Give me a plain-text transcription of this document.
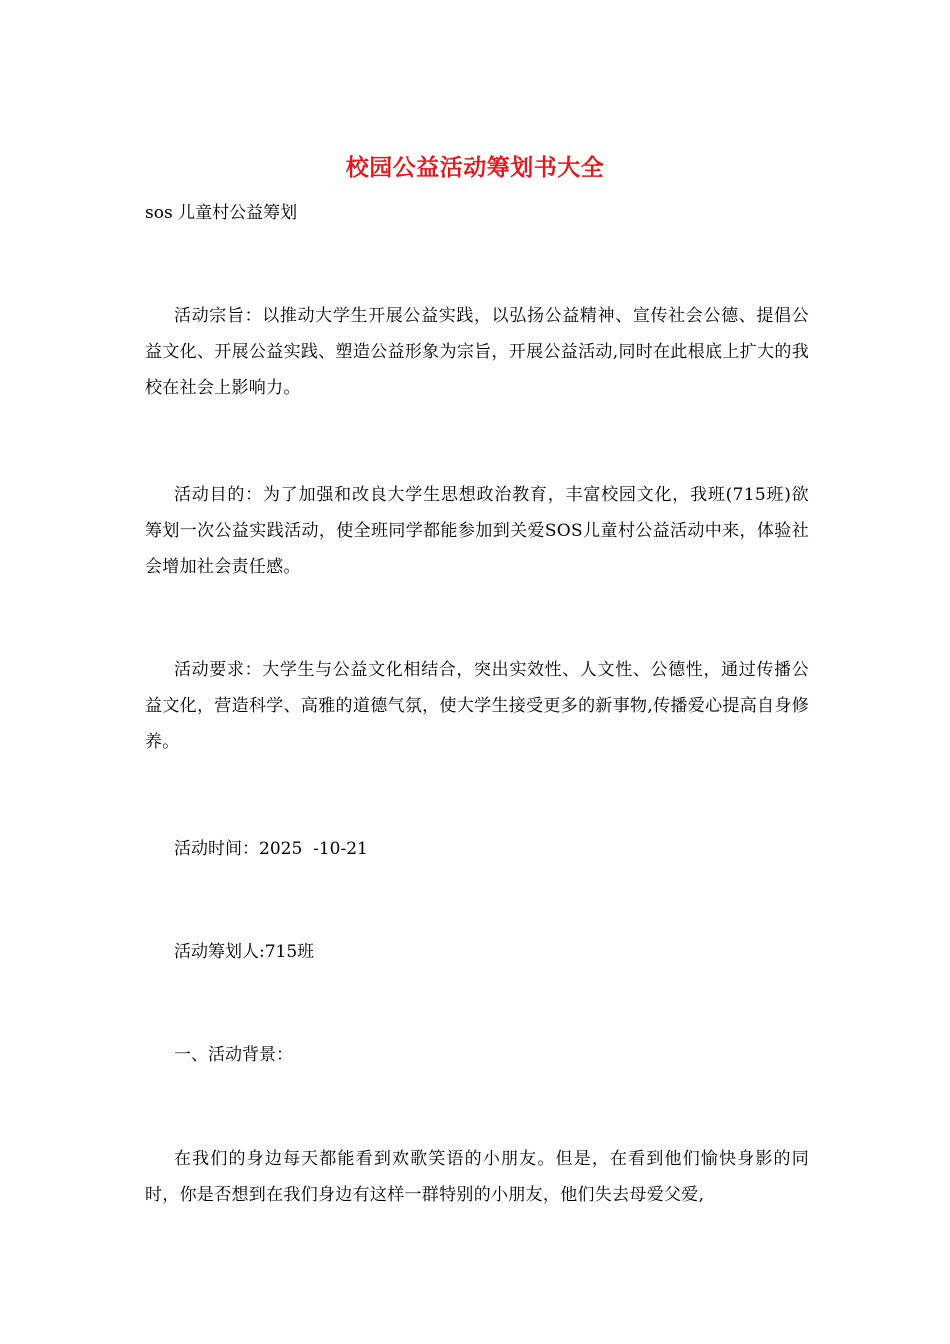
校园公益活动筹划书大全
sos 儿童村公益筹划
活动宗旨：以推动大学生开展公益实践，以弘扬公益精神、宣传社会公德、提倡公益文化、开展公益实践、塑造公益形象为宗旨，开展公益活动,同时在此根底上扩大的我校在社会上影响力。
活动目的：为了加强和改良大学生思想政治教育，丰富校园文化，我班(715班)欲筹划一次公益实践活动，使全班同学都能参加到关爱SOS儿童村公益活动中来，体验社会增加社会责任感。
活动要求：大学生与公益文化相结合，突出实效性、人文性、公德性，通过传播公益文化，营造科学、高雅的道德气氛，使大学生接受更多的新事物,传播爱心提高自身修养。
活动时间：2025  -10-21
活动筹划人:715班
一、活动背景：
在我们的身边每天都能看到欢歌笑语的小朋友。但是，在看到他们愉快身影的同时，你是否想到在我们身边有这样一群特别的小朋友，他们失去母爱父爱,
